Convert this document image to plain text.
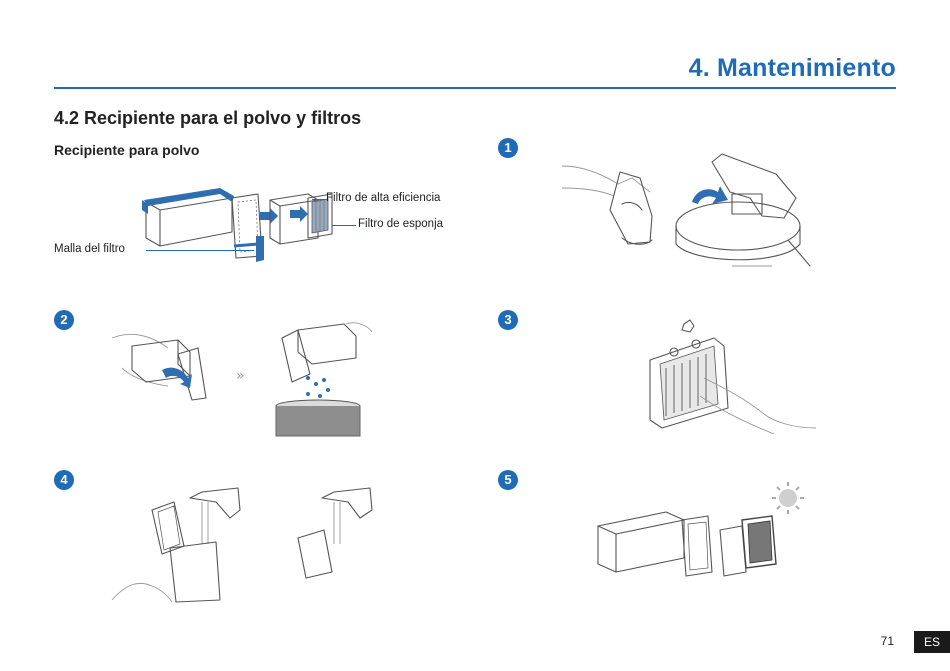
4. Mantenimiento
4.2 Recipiente para el polvo y filtros
Recipiente para polvo
Filtro de alta eficiencia
Filtro de esponja
Malla del filtro
1
2	3
4	5
»
71	ES
